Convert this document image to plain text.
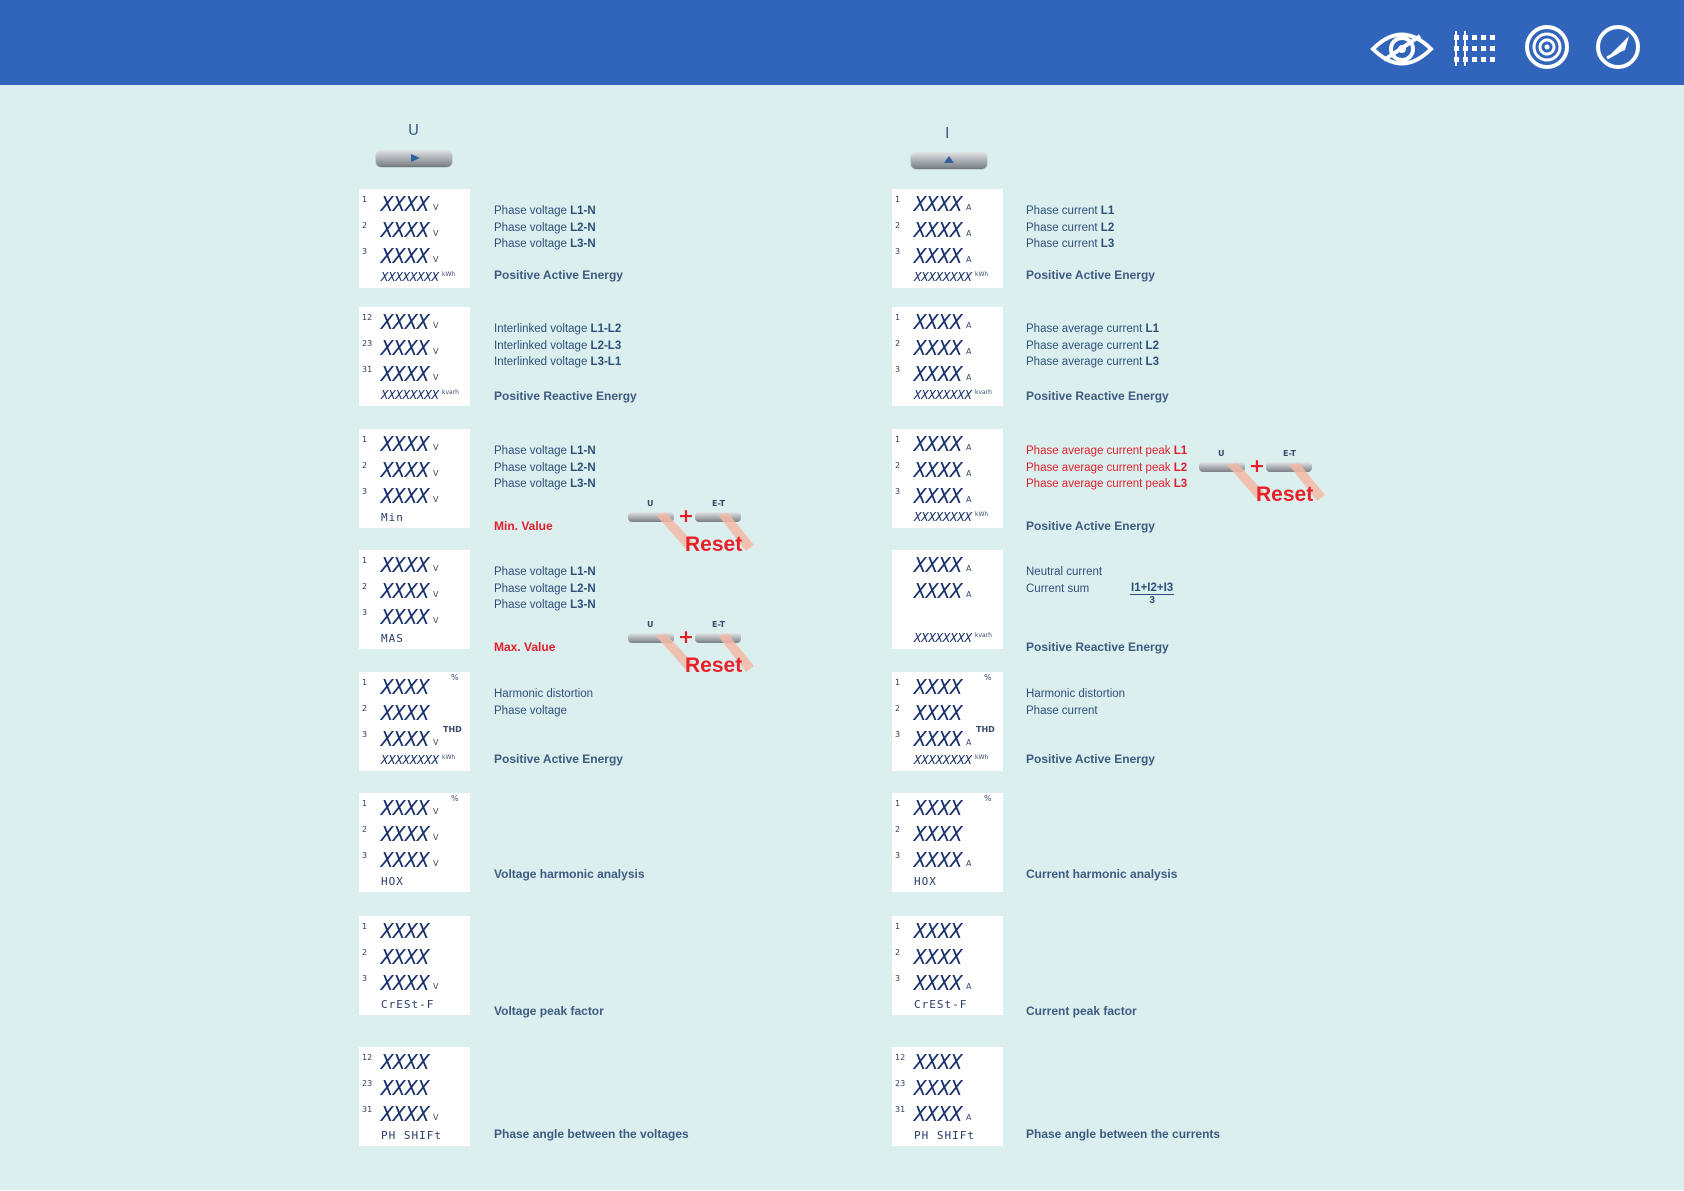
U	I
1 XXXX V
2 XXXX V
3 XXXX V
XXXXXXXX kWh
Phase voltage L1-N
Phase voltage L2-N
Phase voltage L3-N
Positive Active Energy
12 XXXX V
23 XXXX V
31 XXXX V
XXXXXXXX kvarh
Interlinked voltage L1-L2
Interlinked voltage L2-L3
Interlinked voltage L3-L1
Positive Reactive Energy
1 XXXX V
2 XXXX V
3 XXXX V
Min
Phase voltage L1-N
Phase voltage L2-N
Phase voltage L3-N
Min. Value
U	E-T
+
Reset
1 XXXX V
2 XXXX V
3 XXXX V
MAS
Phase voltage L1-N
Phase voltage L2-N
Phase voltage L3-N
Max. Value
U	E-T
+
Reset
1 XXXX
2 XXXX
3 XXXX V
%
THD
XXXXXXXX kWh
Harmonic distortion
Phase voltage
Positive Active Energy
1 XXXX V
2 XXXX V
3 XXXX V
%
HOX
Voltage harmonic analysis
1 XXXX
2 XXXX
3 XXXX V
CrESt-F	Voltage peak factor
12 XXXX
23 XXXX
31 XXXX V
PH SHIFt	Phase angle between the voltages
1 XXXX A
2 XXXX A
3 XXXX A
XXXXXXXX kWh
Phase current L1
Phase current L2
Phase current L3
Positive Active Energy
1 XXXX A
2 XXXX A
3 XXXX A
XXXXXXXX kvarh
Phase average current L1
Phase average current L2
Phase average current L3
Positive Reactive Energy
1 XXXX A
2 XXXX A
3 XXXX A
XXXXXXXX kWh
Phase average current peak L1
Phase average current peak L2
Phase average current peak L3
Positive Active Energy
U	E-T
+
Reset
XXXX A
XXXX A
XXXXXXXX kvarh
Neutral current
Current sum	$\frac{I1+I2+I3}{3}$
Positive Reactive Energy
1 XXXX
2 XXXX
3 XXXX A
%
THD
XXXXXXXX kWh
Harmonic distortion
Phase current
Positive Active Energy
1 XXXX
2 XXXX
3 XXXX A
%
HOX
Current harmonic analysis
1 XXXX
2 XXXX
3 XXXX A
CrESt-F	Current peak factor
12 XXXX
23 XXXX
31 XXXX A
PH SHIFt	Phase angle between the currents
